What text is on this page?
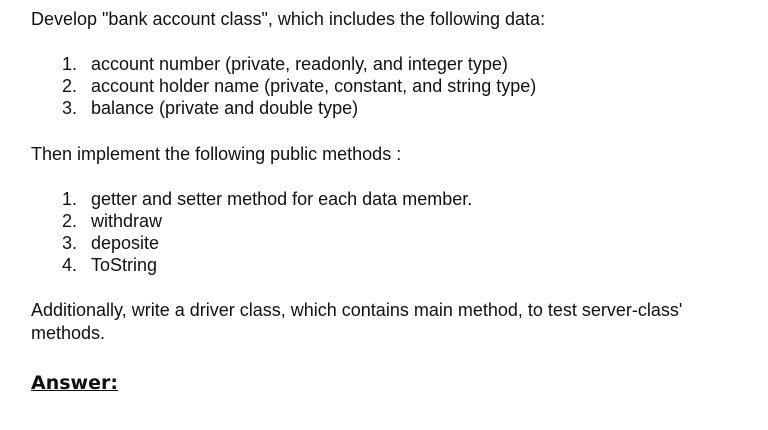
Develop "bank account class", which includes the following data:

1. account number (private, readonly, and integer type)
2. account holder name (private, constant, and string type)
3. balance (private and double type)

Then implement the following public methods :

1. getter and setter method for each data member.
2. withdraw
3. deposite
4. ToString

Additionally, write a driver class, which contains main method, to test server-class' methods.

Answer:
